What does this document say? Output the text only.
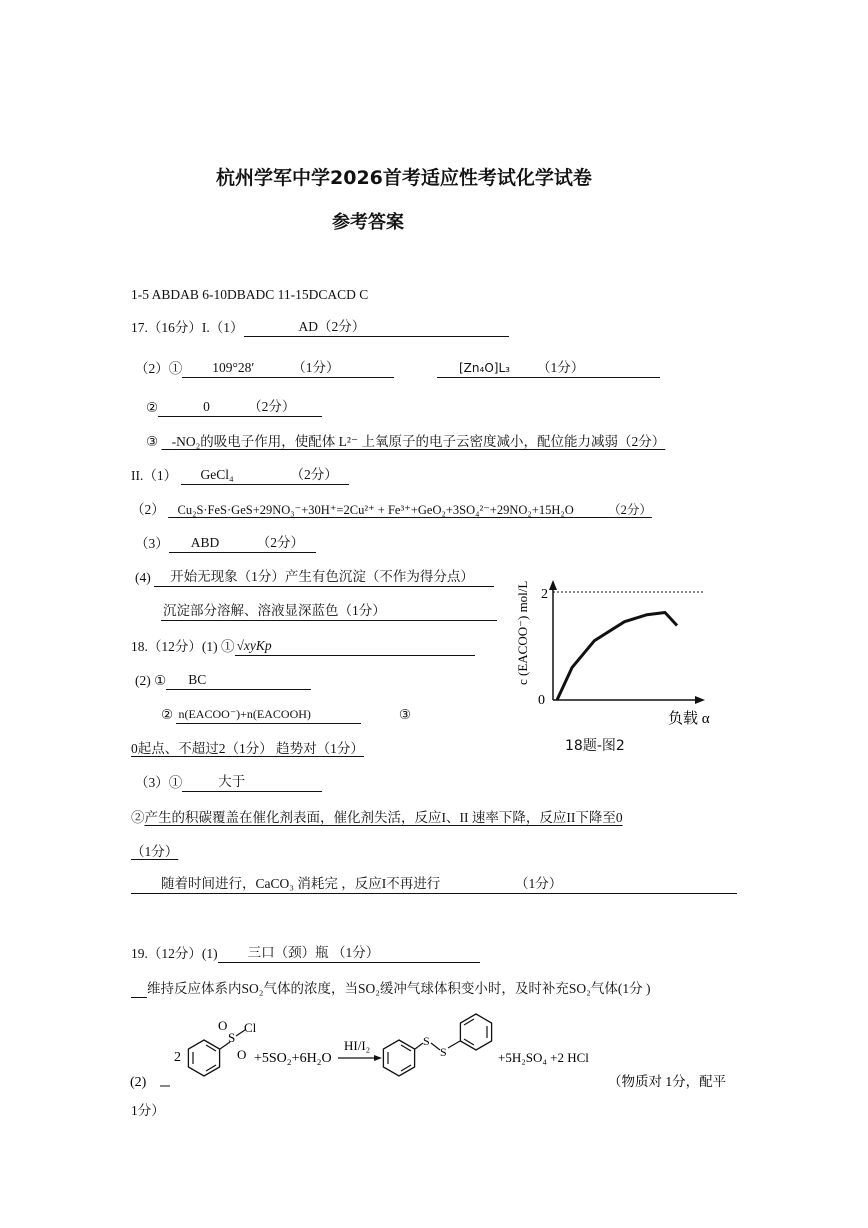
杭州学军中学2026首考适应性考试化学试卷
参考答案
1-5 ABDAB 6-10DBADC 11-15DCACD C
17.（16分）I.（1）	AD（2分）
（2）① 109°28′	（1分）	[Zn₄O]L₃ （1分）
②	0	（2分）
③ -NO₂的吸电子作用，使配体 L²⁻ 上氧原子的电子云密度减小，配位能力减弱（2分）
II.（1） GeCl₄	（2分）
（2） Cu₂S·FeS·GeS+29NO₃⁻+30H⁺=2Cu²⁺ + Fe³⁺+GeO₂+3SO₄²⁻+29NO₂+15H₂O	（2分）
（3） ABD	（2分）
(4) 开始无现象（1分）产生有色沉淀（不作为得分点）
沉淀部分溶解、溶液显深蓝色（1分）
18.（12分）(1) ① √xyKp
(2) ① BC
② n(EACOO⁻)+n(EACOOH)	③
0起点、不超过2（1分） 趋势对（1分）
（3）①	大于
②产生的积碳覆盖在催化剂表面，催化剂失活，反应I、II 速率下降，反应II下降至0
（1分）
随着时间进行，CaCO₃ 消耗完 ，反应I不再进行	（1分）
2
0
c (EACOO⁻) mol/L
负载 α
18题-图2
19.（12分）(1) 三口（颈）瓶 （1分）
维持反应体系内SO₂气体的浓度，当SO₂缓冲气球体积变小时，及时补充SO₂气体(1分 )
(2)
2
S
O
O
Cl
+5SO₂+6H₂O
HI/I₂	S
S	+5H₂SO₄ +2 HCl
（物质对 1分，配平
1分）
